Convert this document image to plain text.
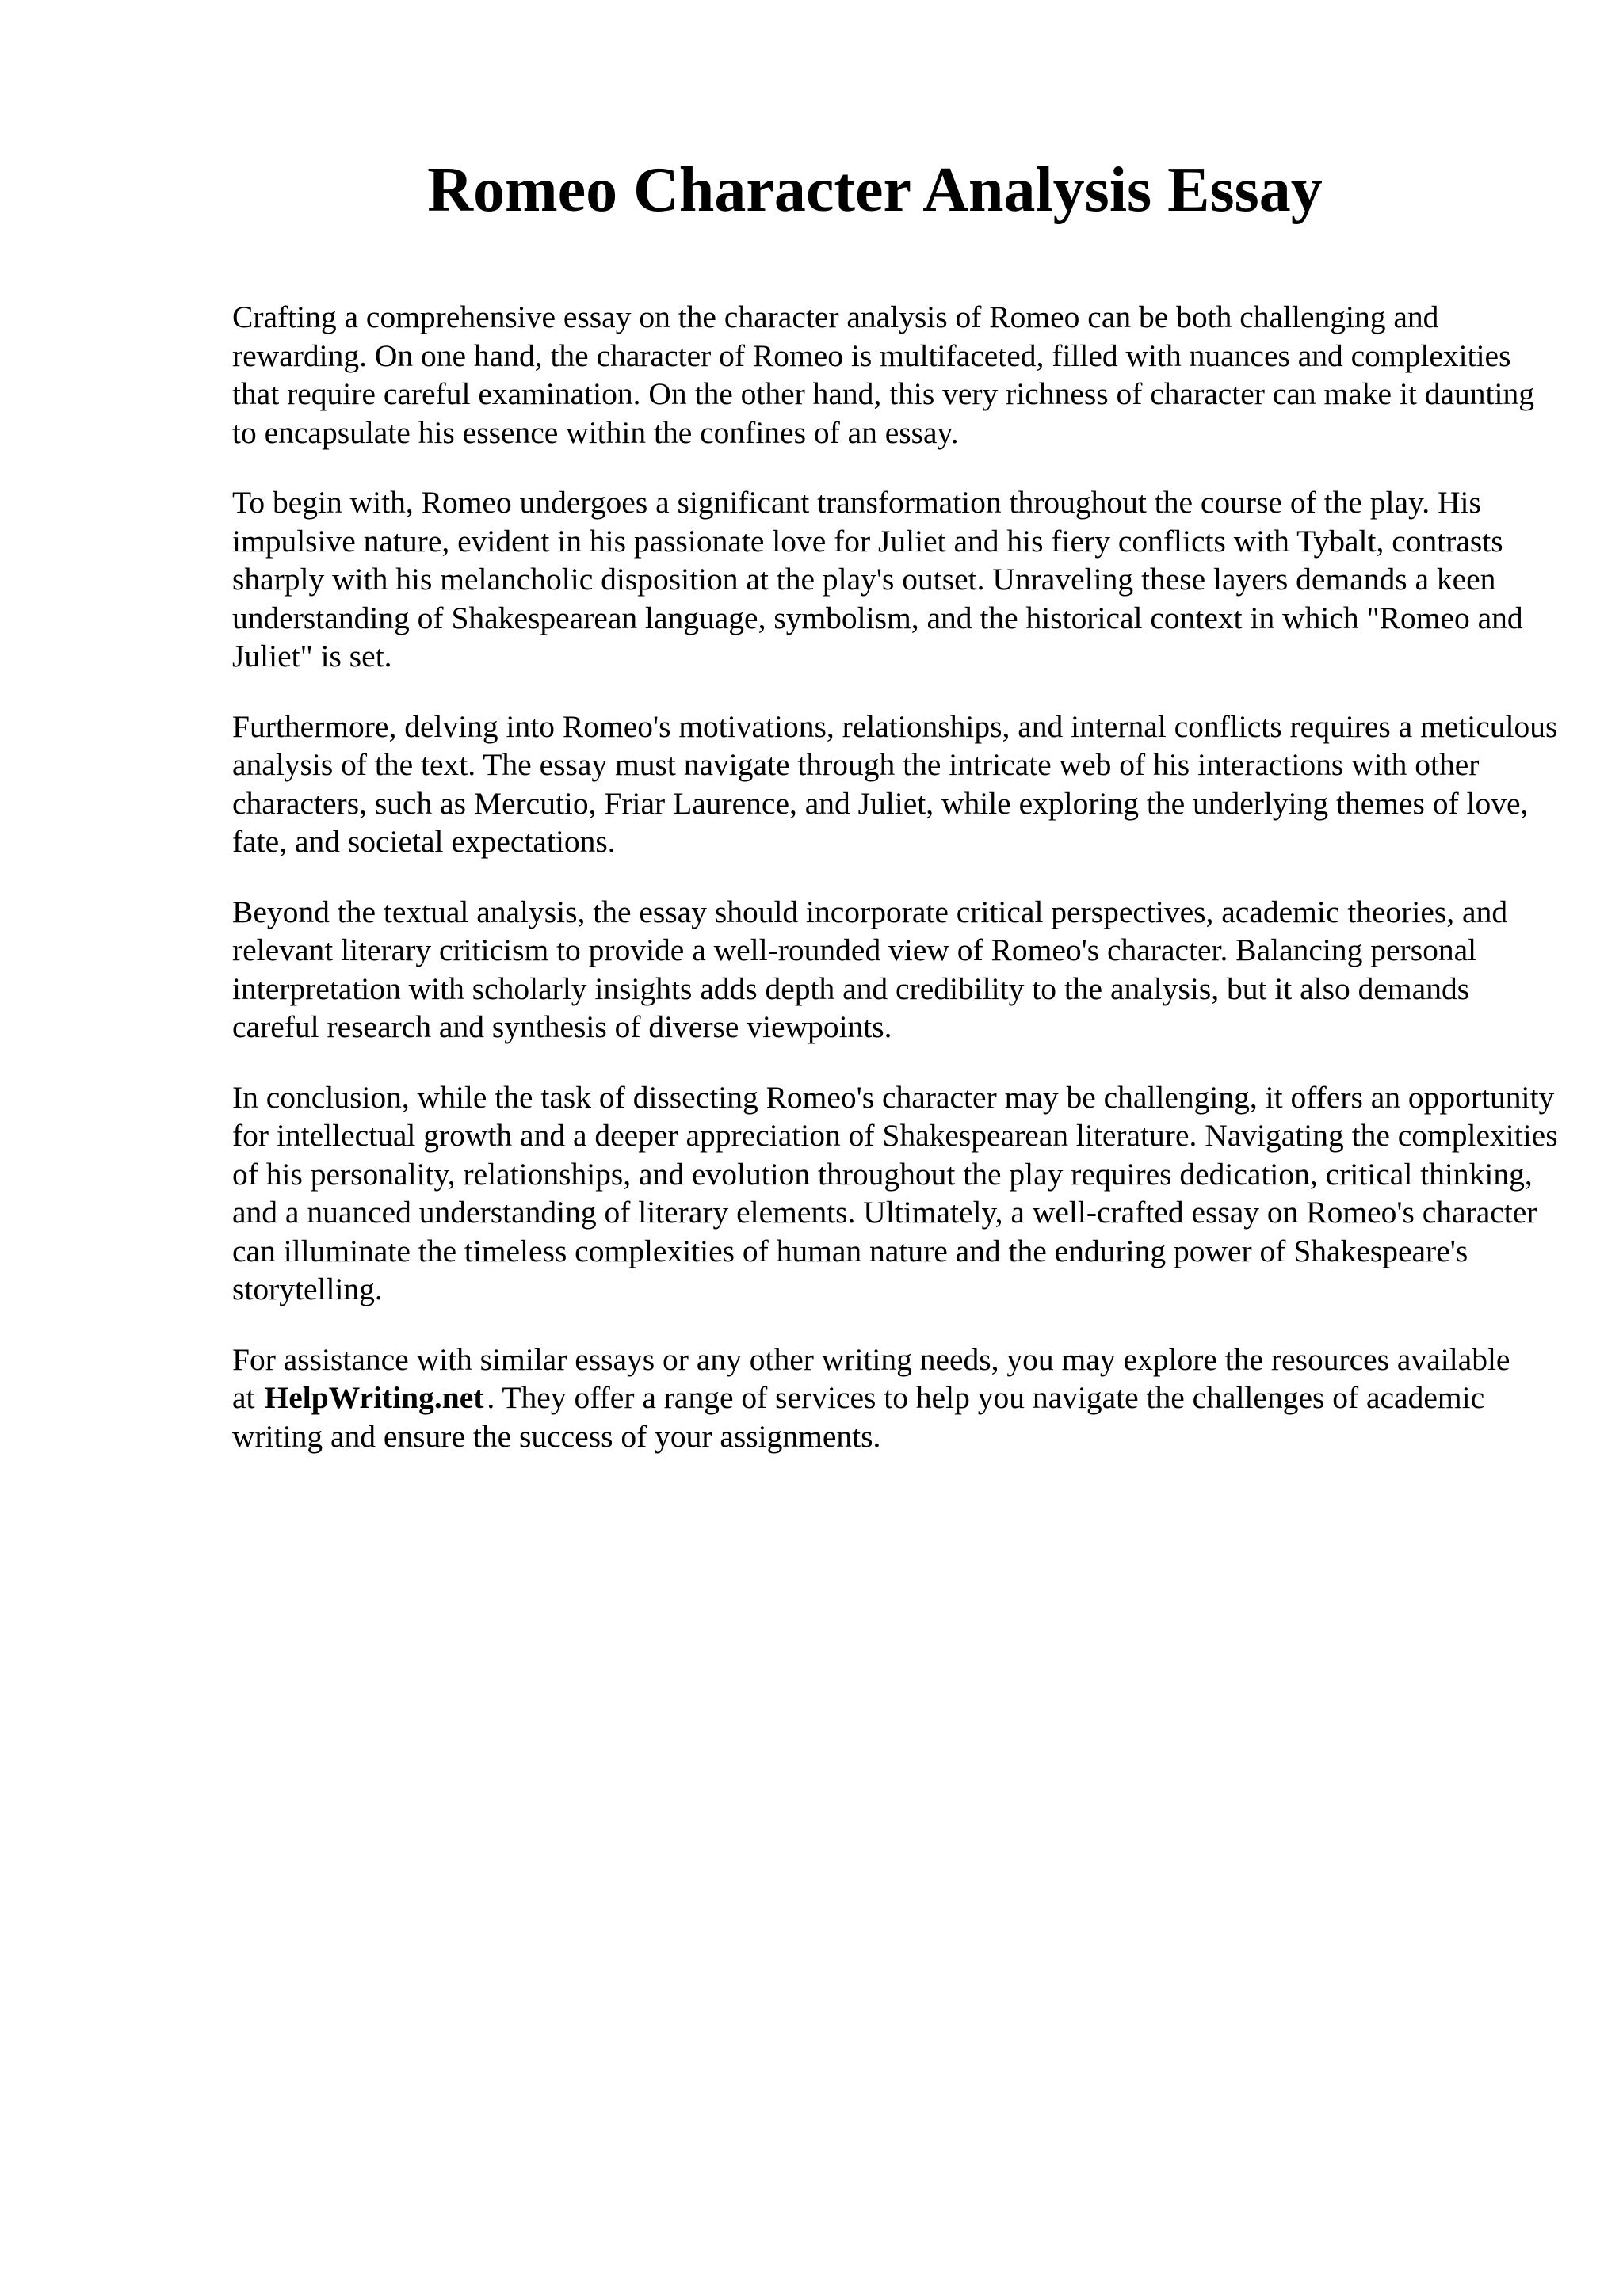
Romeo Character Analysis Essay

Crafting a comprehensive essay on the character analysis of Romeo can be both challenging and rewarding. On one hand, the character of Romeo is multifaceted, filled with nuances and complexities that require careful examination. On the other hand, this very richness of character can make it daunting to encapsulate his essence within the confines of an essay.

To begin with, Romeo undergoes a significant transformation throughout the course of the play. His impulsive nature, evident in his passionate love for Juliet and his fiery conflicts with Tybalt, contrasts sharply with his melancholic disposition at the play's outset. Unraveling these layers demands a keen understanding of Shakespearean language, symbolism, and the historical context in which "Romeo and Juliet" is set.

Furthermore, delving into Romeo's motivations, relationships, and internal conflicts requires a meticulous analysis of the text. The essay must navigate through the intricate web of his interactions with other characters, such as Mercutio, Friar Laurence, and Juliet, while exploring the underlying themes of love, fate, and societal expectations.

Beyond the textual analysis, the essay should incorporate critical perspectives, academic theories, and relevant literary criticism to provide a well-rounded view of Romeo's character. Balancing personal interpretation with scholarly insights adds depth and credibility to the analysis, but it also demands careful research and synthesis of diverse viewpoints.

In conclusion, while the task of dissecting Romeo's character may be challenging, it offers an opportunity for intellectual growth and a deeper appreciation of Shakespearean literature. Navigating the complexities of his personality, relationships, and evolution throughout the play requires dedication, critical thinking, and a nuanced understanding of literary elements. Ultimately, a well-crafted essay on Romeo's character can illuminate the timeless complexities of human nature and the enduring power of Shakespeare's storytelling.

For assistance with similar essays or any other writing needs, you may explore the resources available at HelpWriting.net . They offer a range of services to help you navigate the challenges of academic writing and ensure the success of your assignments.
